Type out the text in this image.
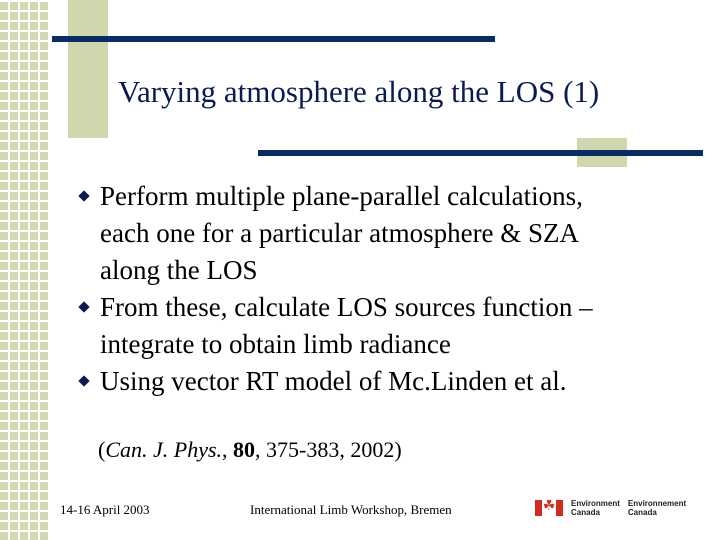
Varying atmosphere along the LOS (1)

Perform multiple plane-parallel calculations,
each one for a particular atmosphere & SZA
along the LOS

From these, calculate LOS sources function –
integrate to obtain limb radiance

Using vector RT model of Mc.Linden et al.

(Can. J. Phys., 80, 375-383, 2002)
14-16 April 2003	International Limb Workshop, Bremen
☘	Environment
Canada
Environnement
Canada
